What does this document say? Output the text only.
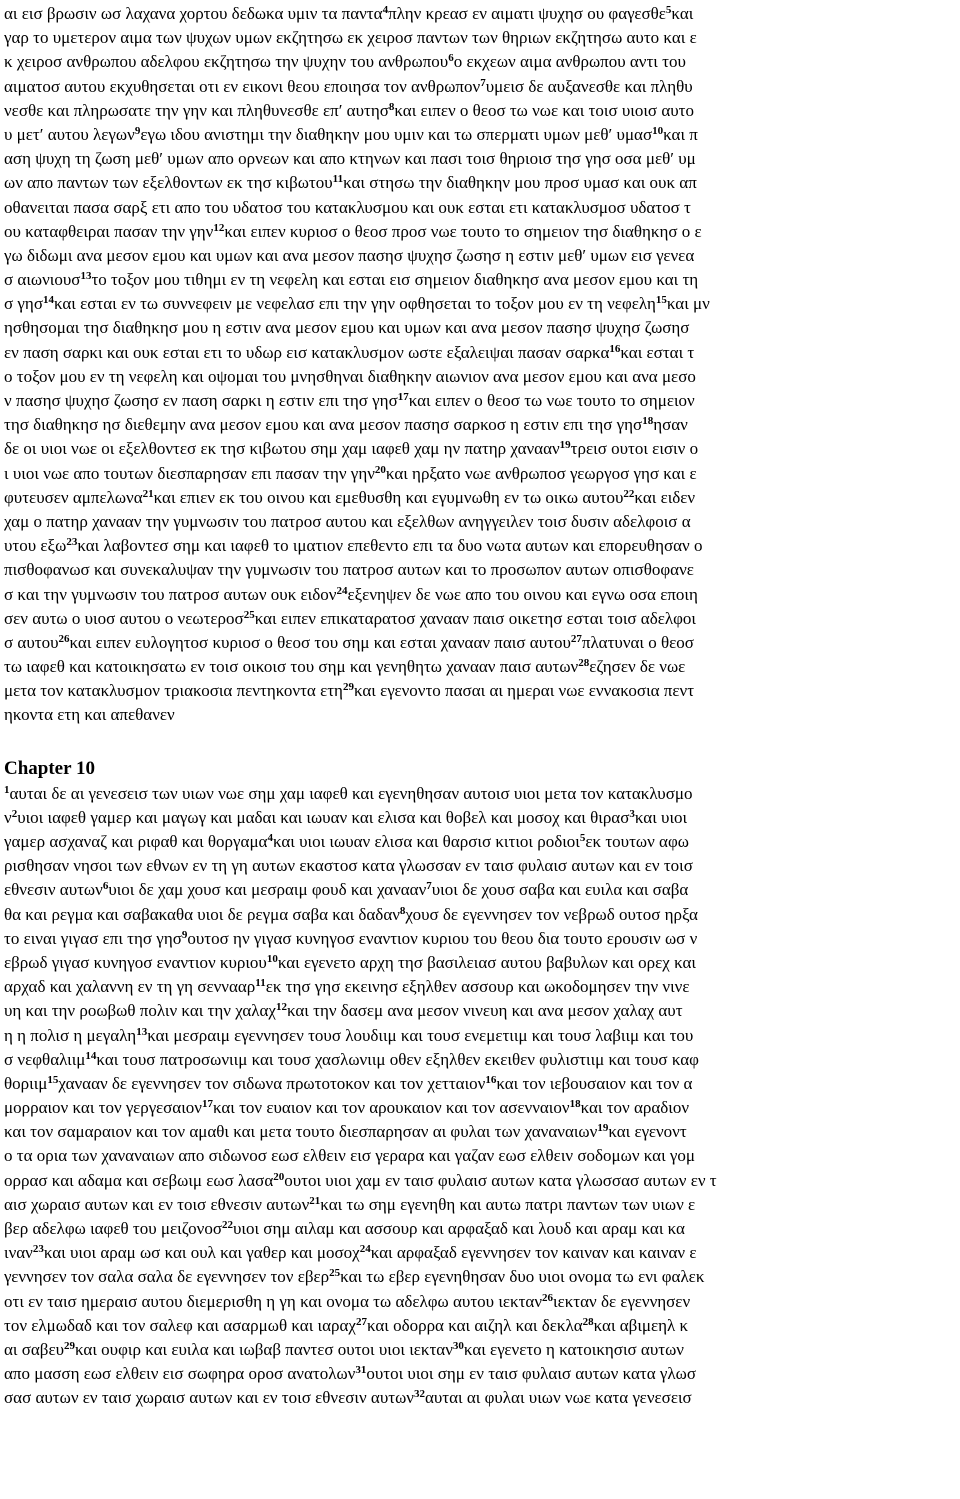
αι εισ βρωσιν ωσ λαχανα χορτου δεδωκα υμιν τα παντα$^4$πλην κρεασ εν αιματι ψυχησ ου φαγεσθε$^5$και
γαρ το υμετερον αιμα των ψυχων υμων εκζητησω εκ χειροσ παντων των θηριων εκζητησω αυτο και ε
κ χειροσ ανθρωπου αδελφου εκζητησω την ψυχην του ανθρωπου$^6$ο εκχεων αιμα ανθρωπου αντι του
αιματοσ αυτου εκχυθησεται οτι εν εικονι θεου εποιησα τον ανθρωπον$^7$υμεισ δε αυξανεσθε και πληθυ
νεσθε και πληρωσατε την γην και πληθυνεσθε επ′ αυτησ$^8$και ειπεν ο θεοσ τω νωε και τοισ υιοισ αυτο
υ μετ′ αυτου λεγων$^9$εγω ιδου ανιστημι την διαθηκην μου υμιν και τω σπερματι υμων μεθ′ υμασ$^{10}$και π
αση ψυχη τη ζωση μεθ′ υμων απο ορνεων και απο κτηνων και πασι τοισ θηριοισ τησ γησ οσα μεθ′ υμ
ων απο παντων των εξελθοντων εκ τησ κιβωτου$^{11}$και στησω την διαθηκην μου προσ υμασ και ουκ απ
οθανειται πασα σαρξ ετι απο του υδατοσ του κατακλυσμου και ουκ εσται ετι κατακλυσμοσ υδατοσ τ
ου καταφθειραι πασαν την γην$^{12}$και ειπεν κυριοσ ο θεοσ προσ νωε τουτο το σημειον τησ διαθηκησ ο ε
γω διδωμι ανα μεσον εμου και υμων και ανα μεσον πασησ ψυχησ ζωσησ η εστιν μεθ′ υμων εισ γενεα
σ αιωνιουσ$^{13}$το τοξον μου τιθημι εν τη νεφελη και εσται εισ σημειον διαθηκησ ανα μεσον εμου και τη
σ γησ$^{14}$και εσται εν τω συννεφειν με νεφελασ επι την γην οφθησεται το τοξον μου εν τη νεφελη$^{15}$και μν
ησθησομαι τησ διαθηκησ μου η εστιν ανα μεσον εμου και υμων και ανα μεσον πασησ ψυχησ ζωσησ
εν παση σαρκι και ουκ εσται ετι το υδωρ εισ κατακλυσμον ωστε εξαλειψαι πασαν σαρκα$^{16}$και εσται τ
ο τοξον μου εν τη νεφελη και οψομαι του μνησθηναι διαθηκην αιωνιον ανα μεσον εμου και ανα μεσο
ν πασησ ψυχησ ζωσησ εν παση σαρκι η εστιν επι τησ γησ$^{17}$και ειπεν ο θεοσ τω νωε τουτο το σημειον
τησ διαθηκησ ησ διεθεμην ανα μεσον εμου και ανα μεσον πασησ σαρκοσ η εστιν επι τησ γησ$^{18}$ησαν
δε οι υιοι νωε οι εξελθοντεσ εκ τησ κιβωτου σημ χαμ ιαφεθ χαμ ην πατηρ χανααν$^{19}$τρεισ ουτοι εισιν ο
ι υιοι νωε απο τουτων διεσπαρησαν επι πασαν την γην$^{20}$και ηρξατο νωε ανθρωποσ γεωργοσ γησ και ε
φυτευσεν αμπελωνα$^{21}$και επιεν εκ του οινου και εμεθυσθη και εγυμνωθη εν τω οικω αυτου$^{22}$και ειδεν
χαμ ο πατηρ χανααν την γυμνωσιν του πατροσ αυτου και εξελθων ανηγγειλεν τοισ δυσιν αδελφοισ α
υτου εξω$^{23}$και λαβοντεσ σημ και ιαφεθ το ιματιον επεθεντο επι τα δυο νωτα αυτων και επορευθησαν ο
πισθοφανωσ και συνεκαλυψαν την γυμνωσιν του πατροσ αυτων και το προσωπον αυτων οπισθοφανε
σ και την γυμνωσιν του πατροσ αυτων ουκ ειδον$^{24}$εξενηψεν δε νωε απο του οινου και εγνω οσα εποιη
σεν αυτω ο υιοσ αυτου ο νεωτεροσ$^{25}$και ειπεν επικαταρατοσ χανααν παισ οικετησ εσται τοισ αδελφοι
σ αυτου$^{26}$και ειπεν ευλογητοσ κυριοσ ο θεοσ του σημ και εσται χανααν παισ αυτου$^{27}$πλατυναι ο θεοσ
τω ιαφεθ και κατοικησατω εν τοισ οικοισ του σημ και γενηθητω χανααν παισ αυτων$^{28}$εζησεν δε νωε
μετα τον κατακλυσμον τριακοσια πεντηκοντα ετη$^{29}$και εγενοντο πασαι αι ημεραι νωε εννακοσια πεντ
ηκοντα ετη και απεθανεν
Chapter 10
$^1$αυται δε αι γενεσεισ των υιων νωε σημ χαμ ιαφεθ και εγενηθησαν αυτοισ υιοι μετα τον κατακλυσμο
$\nu^2\upsilon\iota o\iota$ ιαφεθ γαμερ και μαγωγ και μαδαι και ιωυαν και ελισα και θοβελ και μοσοχ και θιρασ$^3$και υιοι
γαμερ ασχαναζ και ριφαθ και θοργαμα$^4$και υιοι ιωυαν ελισα και θαρσισ κιτιοι ροδιοι$^5$εκ τουτων αφω
ρισθησαν νησοι των εθνων εν τη γη αυτων εκαστοσ κατα γλωσσαν εν ταισ φυλαισ αυτων και εν τοισ
εθνεσιν αυτων$^6$υιοι δε χαμ χουσ και μεσραιμ φουδ και χανααν$^7$υιοι δε χουσ σαβα και ευιλα και σαβα
θα και ρεγμα και σαβακαθα υιοι δε ρεγμα σαβα και δαδαν$^8$χουσ δε εγεννησεν τον νεβρωδ ουτοσ ηρξα
το ειναι γιγασ επι τησ γησ$^9$ουτοσ ην γιγασ κυνηγοσ εναντιον κυριου του θεου δια τουτο ερουσιν ωσ ν
εβρωδ γιγασ κυνηγοσ εναντιον κυριου$^{10}$και εγενετο αρχη τησ βασιλειασ αυτου βαβυλων και ορεχ και
αρχαδ και χαλαννη εν τη γη σεννααρ$^{11}$εκ τησ γησ εκεινησ εξηλθεν ασσουρ και ωκοδομησεν την νινε
υη και την ροωβωθ πολιν και την χαλαχ$^{12}$και την δασεμ ανα μεσον νινευη και ανα μεσον χαλαχ αυτ
η η πολισ η μεγαλη$^{13}$και μεσραιμ εγεννησεν τουσ λουδιιμ και τουσ ενεμετιιμ και τουσ λαβιιμ και του
σ νεφθαλιιμ$^{14}$και τουσ πατροσωνιιμ και τουσ χασλωνιιμ οθεν εξηλθεν εκειθεν φυλιστιιμ και τουσ καφ
θοριιμ$^{15}$χανααν δε εγεννησεν τον σιδωνα πρωτοτοκον και τον χετταιον$^{16}$και τον ιεβουσαιον και τον α
μορραιον και τον γεργεσαιον$^{17}$και τον ευαιον και τον αρουκαιον και τον ασενναιον$^{18}$και τον αραδιον
και τον σαμαραιον και τον αμαθι και μετα τουτο διεσπαρησαν αι φυλαι των χαναναιων$^{19}$και εγενοντ
ο τα ορια των χαναναιων απο σιδωνοσ εωσ ελθειν εισ γεραρα και γαζαν εωσ ελθειν σοδομων και γομ
ορρασ και αδαμα και σεβωιμ εωσ λασα$^{20}$ουτοι υιοι χαμ εν ταισ φυλαισ αυτων κατα γλωσσασ αυτων εν τ
αισ χωραισ αυτων και εν τοισ εθνεσιν αυτων$^{21}$και τω σημ εγενηθη και αυτω πατρι παντων των υιων ε
βερ αδελφω ιαφεθ του μειζονοσ$^{22}$υιοι σημ αιλαμ και ασσουρ και αρφαξαδ και λουδ και αραμ και κα
ιναν$^{23}$και υιοι αραμ ωσ και ουλ και γαθερ και μοσοχ$^{24}$και αρφαξαδ εγεννησεν τον καιναν και καιναν ε
γεννησεν τον σαλα σαλα δε εγεννησεν τον εβερ$^{25}$και τω εβερ εγενηθησαν δυο υιοι ονομα τω ενι φαλεκ
οτι εν ταισ ημεραισ αυτου διεμερισθη η γη και ονομα τω αδελφω αυτου ιεκταν$^{26}$ιεκταν δε εγεννησεν
τον ελμωδαδ και τον σαλεφ και ασαρμωθ και ιαραχ$^{27}$και οδορρα και αιζηλ και δεκλα$^{28}$και αβιμεηλ κ
αι σαβευ$^{29}$και ουφιρ και ευιλα και ιωβαβ παντεσ ουτοι υιοι ιεκταν$^{30}$και εγενετο η κατοικησισ αυτων
απο μασση εωσ ελθειν εισ σωφηρα ορoσ ανατολων$^{31}$ουτοι υιοι σημ εν ταισ φυλαισ αυτων κατα γλωσ
σασ αυτων εν ταισ χωραισ αυτων και εν τοισ εθνεσιν αυτων$^{32}$αυται αι φυλαι υιων νωε κατα γενεσεισ
